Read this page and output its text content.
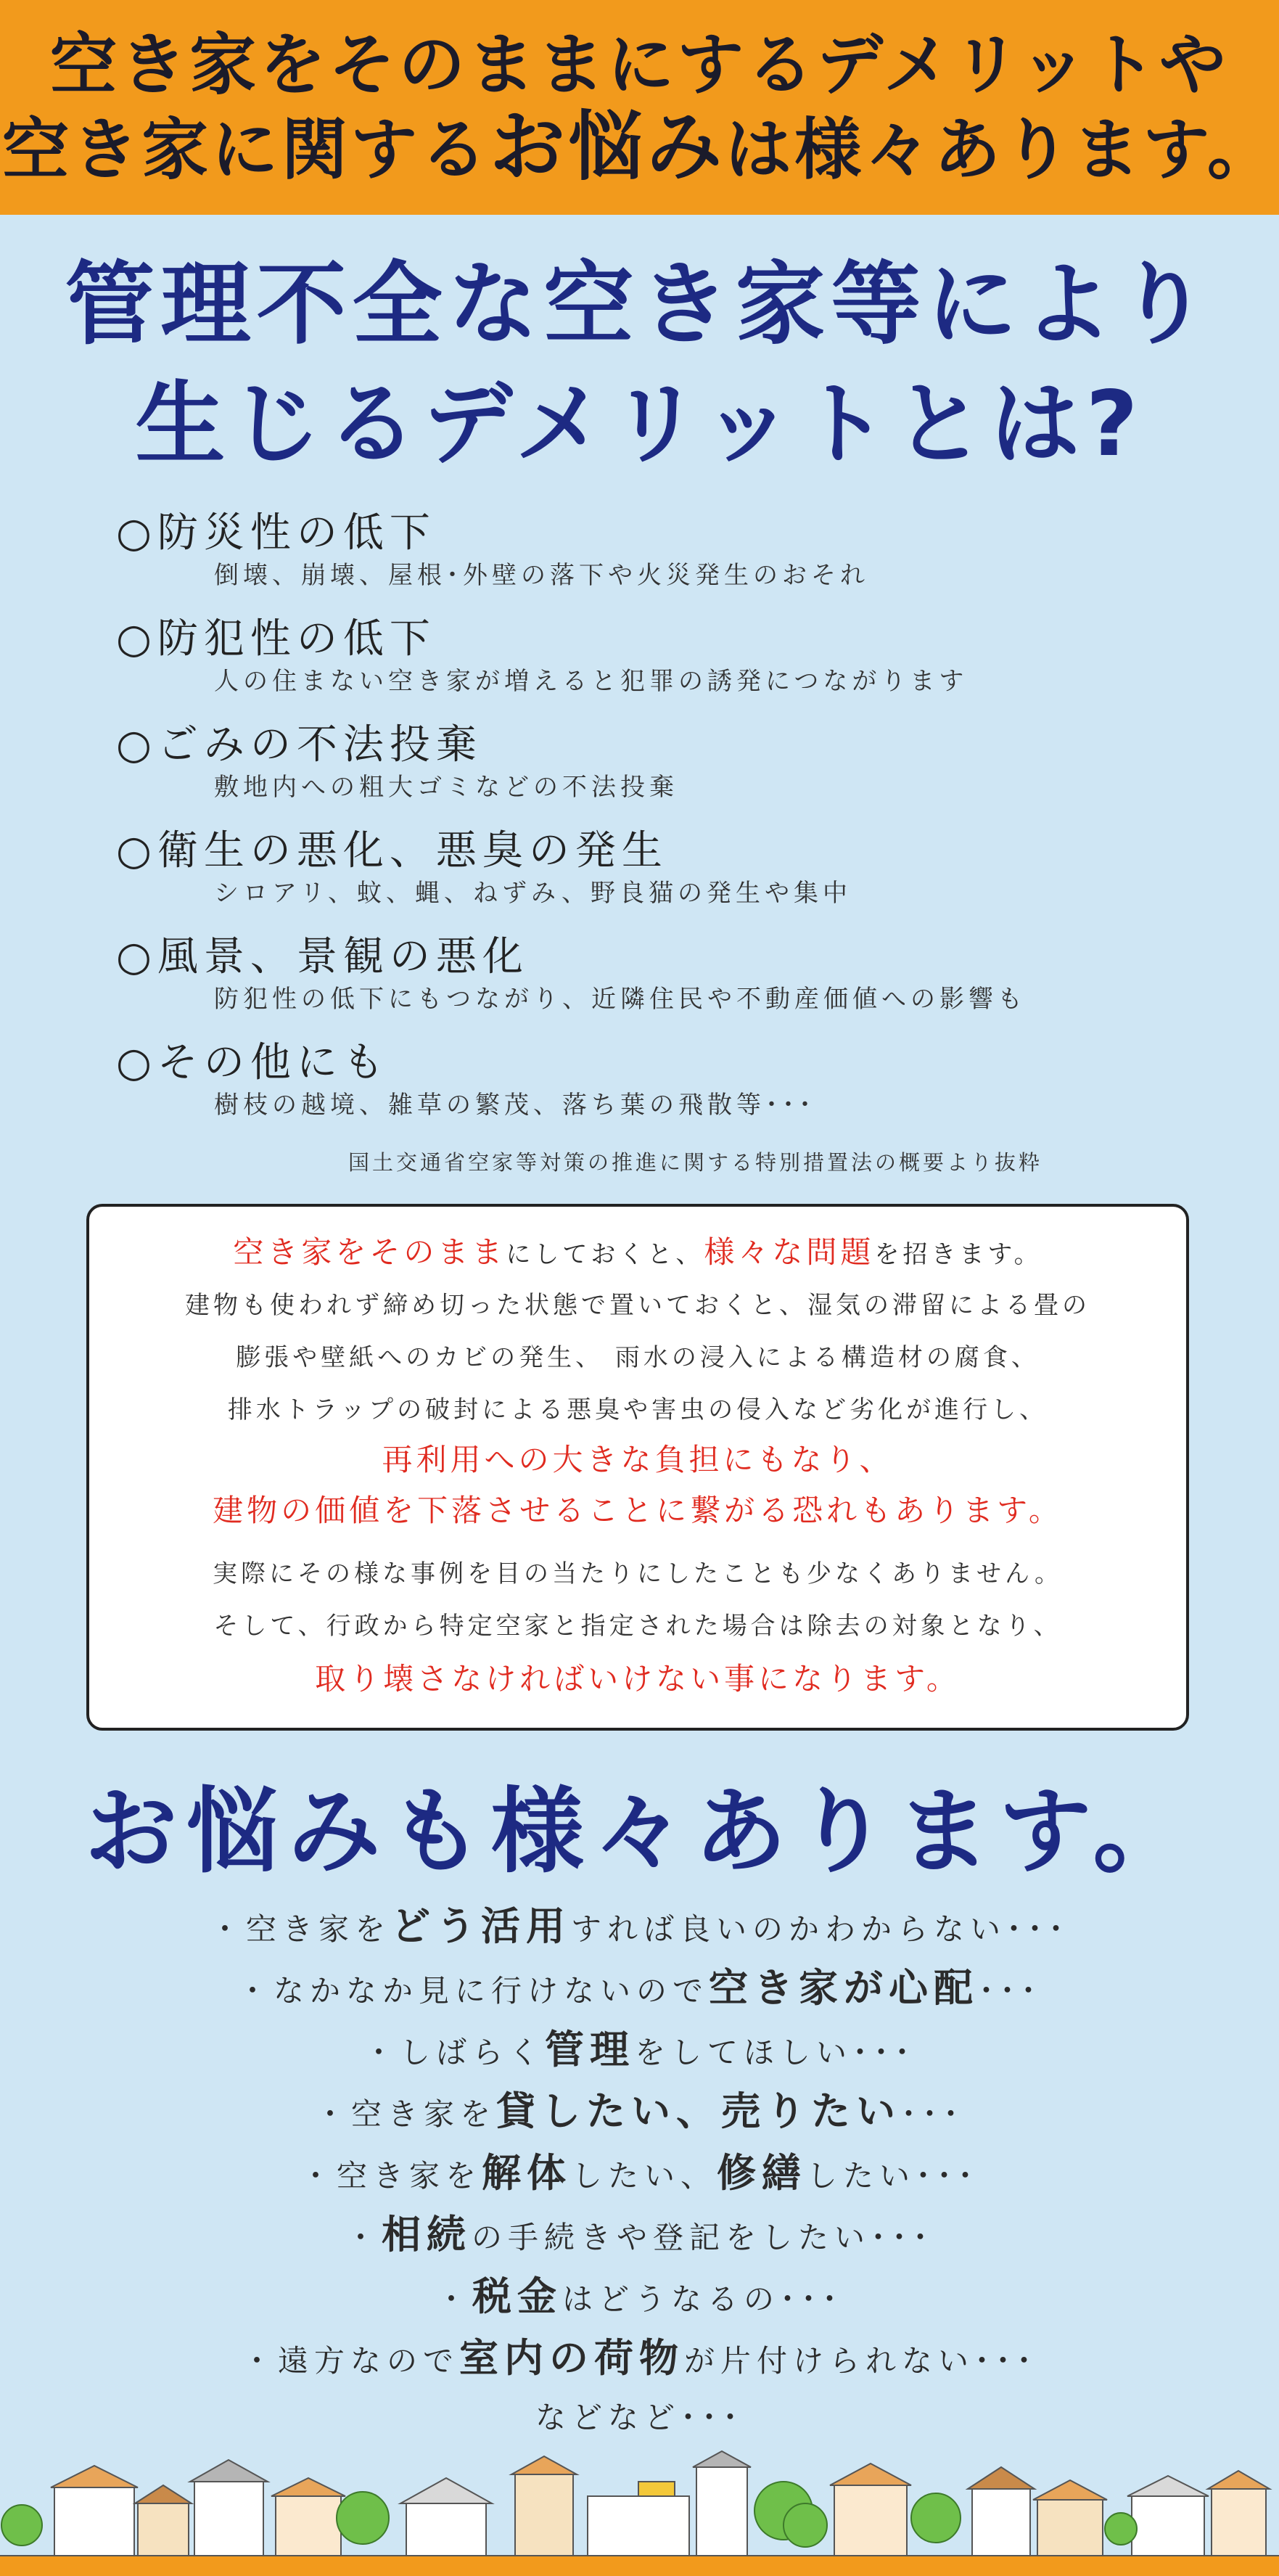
空き家をそのままにするデメリットや
空き家に関するお悩みは様々あります。
管理不全な空き家等により
生じるデメリットとは?
○防災性の低下
倒壊、崩壊、屋根･外壁の落下や火災発生のおそれ
○防犯性の低下
人の住まない空き家が増えると犯罪の誘発につながります
○ごみの不法投棄
敷地内への粗大ゴミなどの不法投棄
○衛生の悪化、悪臭の発生
シロアリ、蚊、蝿、ねずみ、野良猫の発生や集中
○風景、景観の悪化
防犯性の低下にもつながり、近隣住民や不動産価値への影響も
○その他にも
樹枝の越境、雑草の繁茂、落ち葉の飛散等･･･
国土交通省空家等対策の推進に関する特別措置法の概要より抜粋
空き家をそのままにしておくと、様々な問題を招きます。
建物も使われず締め切った状態で置いておくと、湿気の滞留による畳の
膨張や壁紙へのカビの発生、 雨水の浸入による構造材の腐食、
排水トラップの破封による悪臭や害虫の侵入など劣化が進行し、
再利用への大きな負担にもなり、
建物の価値を下落させることに繋がる恐れもあります。
実際にその様な事例を目の当たりにしたことも少なくありません。
そして、行政から特定空家と指定された場合は除去の対象となり、
取り壊さなければいけない事になります。
お悩みも様々あります。
・空き家をどう活用すれば良いのかわからない･･･
・なかなか見に行けないので空き家が心配･･･
・しばらく管理をしてほしい･･･
・空き家を貸したい、売りたい･･･
・空き家を解体したい、修繕したい･･･
・相続の手続きや登記をしたい･･･
・税金はどうなるの･･･
・遠方なので室内の荷物が片付けられない･･･
などなど･･･
